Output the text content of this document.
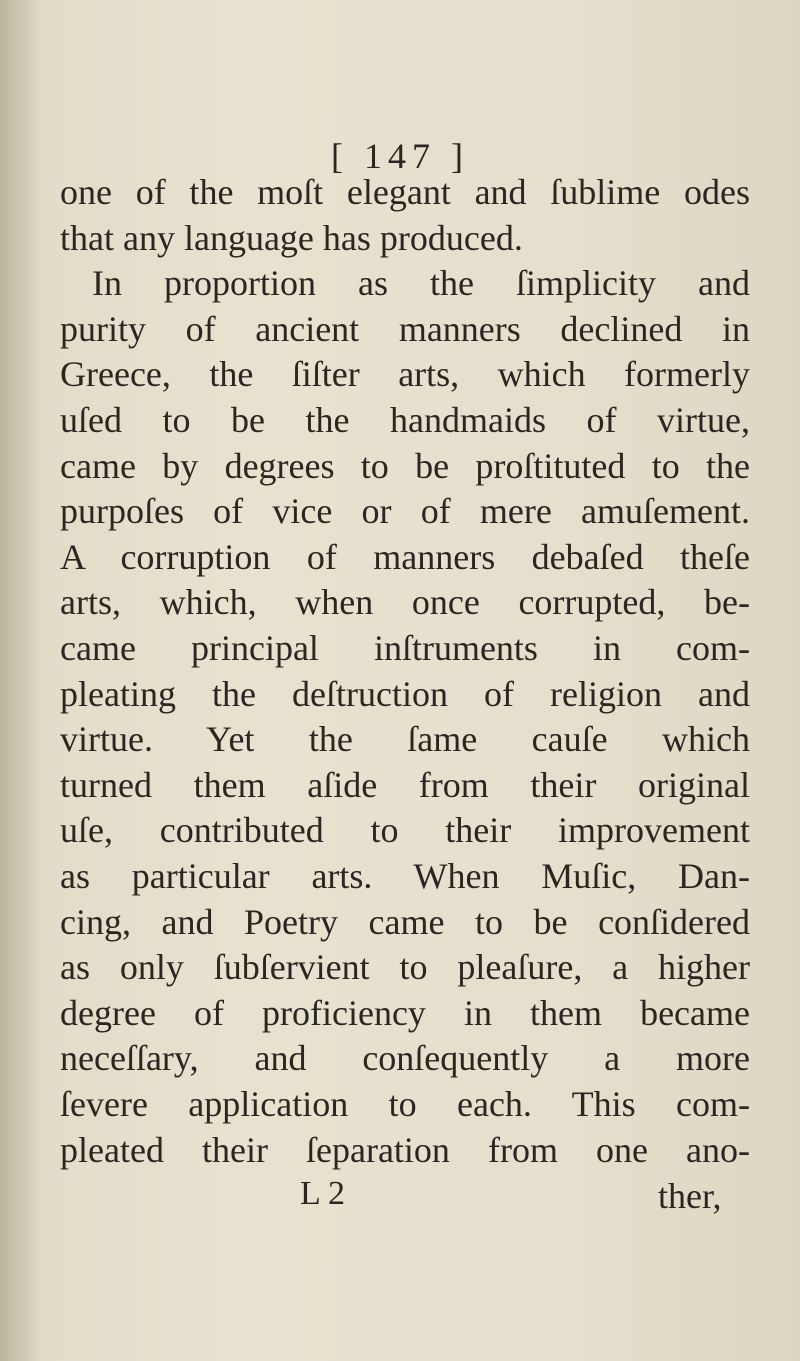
[ 147 ]
one of the moſt elegant and ſublime odes
that any language has produced.
In proportion as the ſimplicity and
purity of ancient manners declined in
Greece, the ſiſter arts, which formerly
uſed to be the handmaids of virtue,
came by degrees to be proſtituted to the
purpoſes of vice or of mere amuſement.
A corruption of manners debaſed theſe
arts, which, when once corrupted, be-
came principal inſtruments in com-
pleating the deſtruction of religion and
virtue. Yet the ſame cauſe which
turned them aſide from their original
uſe, contributed to their improvement
as particular arts. When Muſic, Dan-
cing, and Poetry came to be conſidered
as only ſubſervient to pleaſure, a higher
degree of proficiency in them became
neceſſary, and conſequently a more
ſevere application to each. This com-
pleated their ſeparation from one ano-
L 2	ther,
